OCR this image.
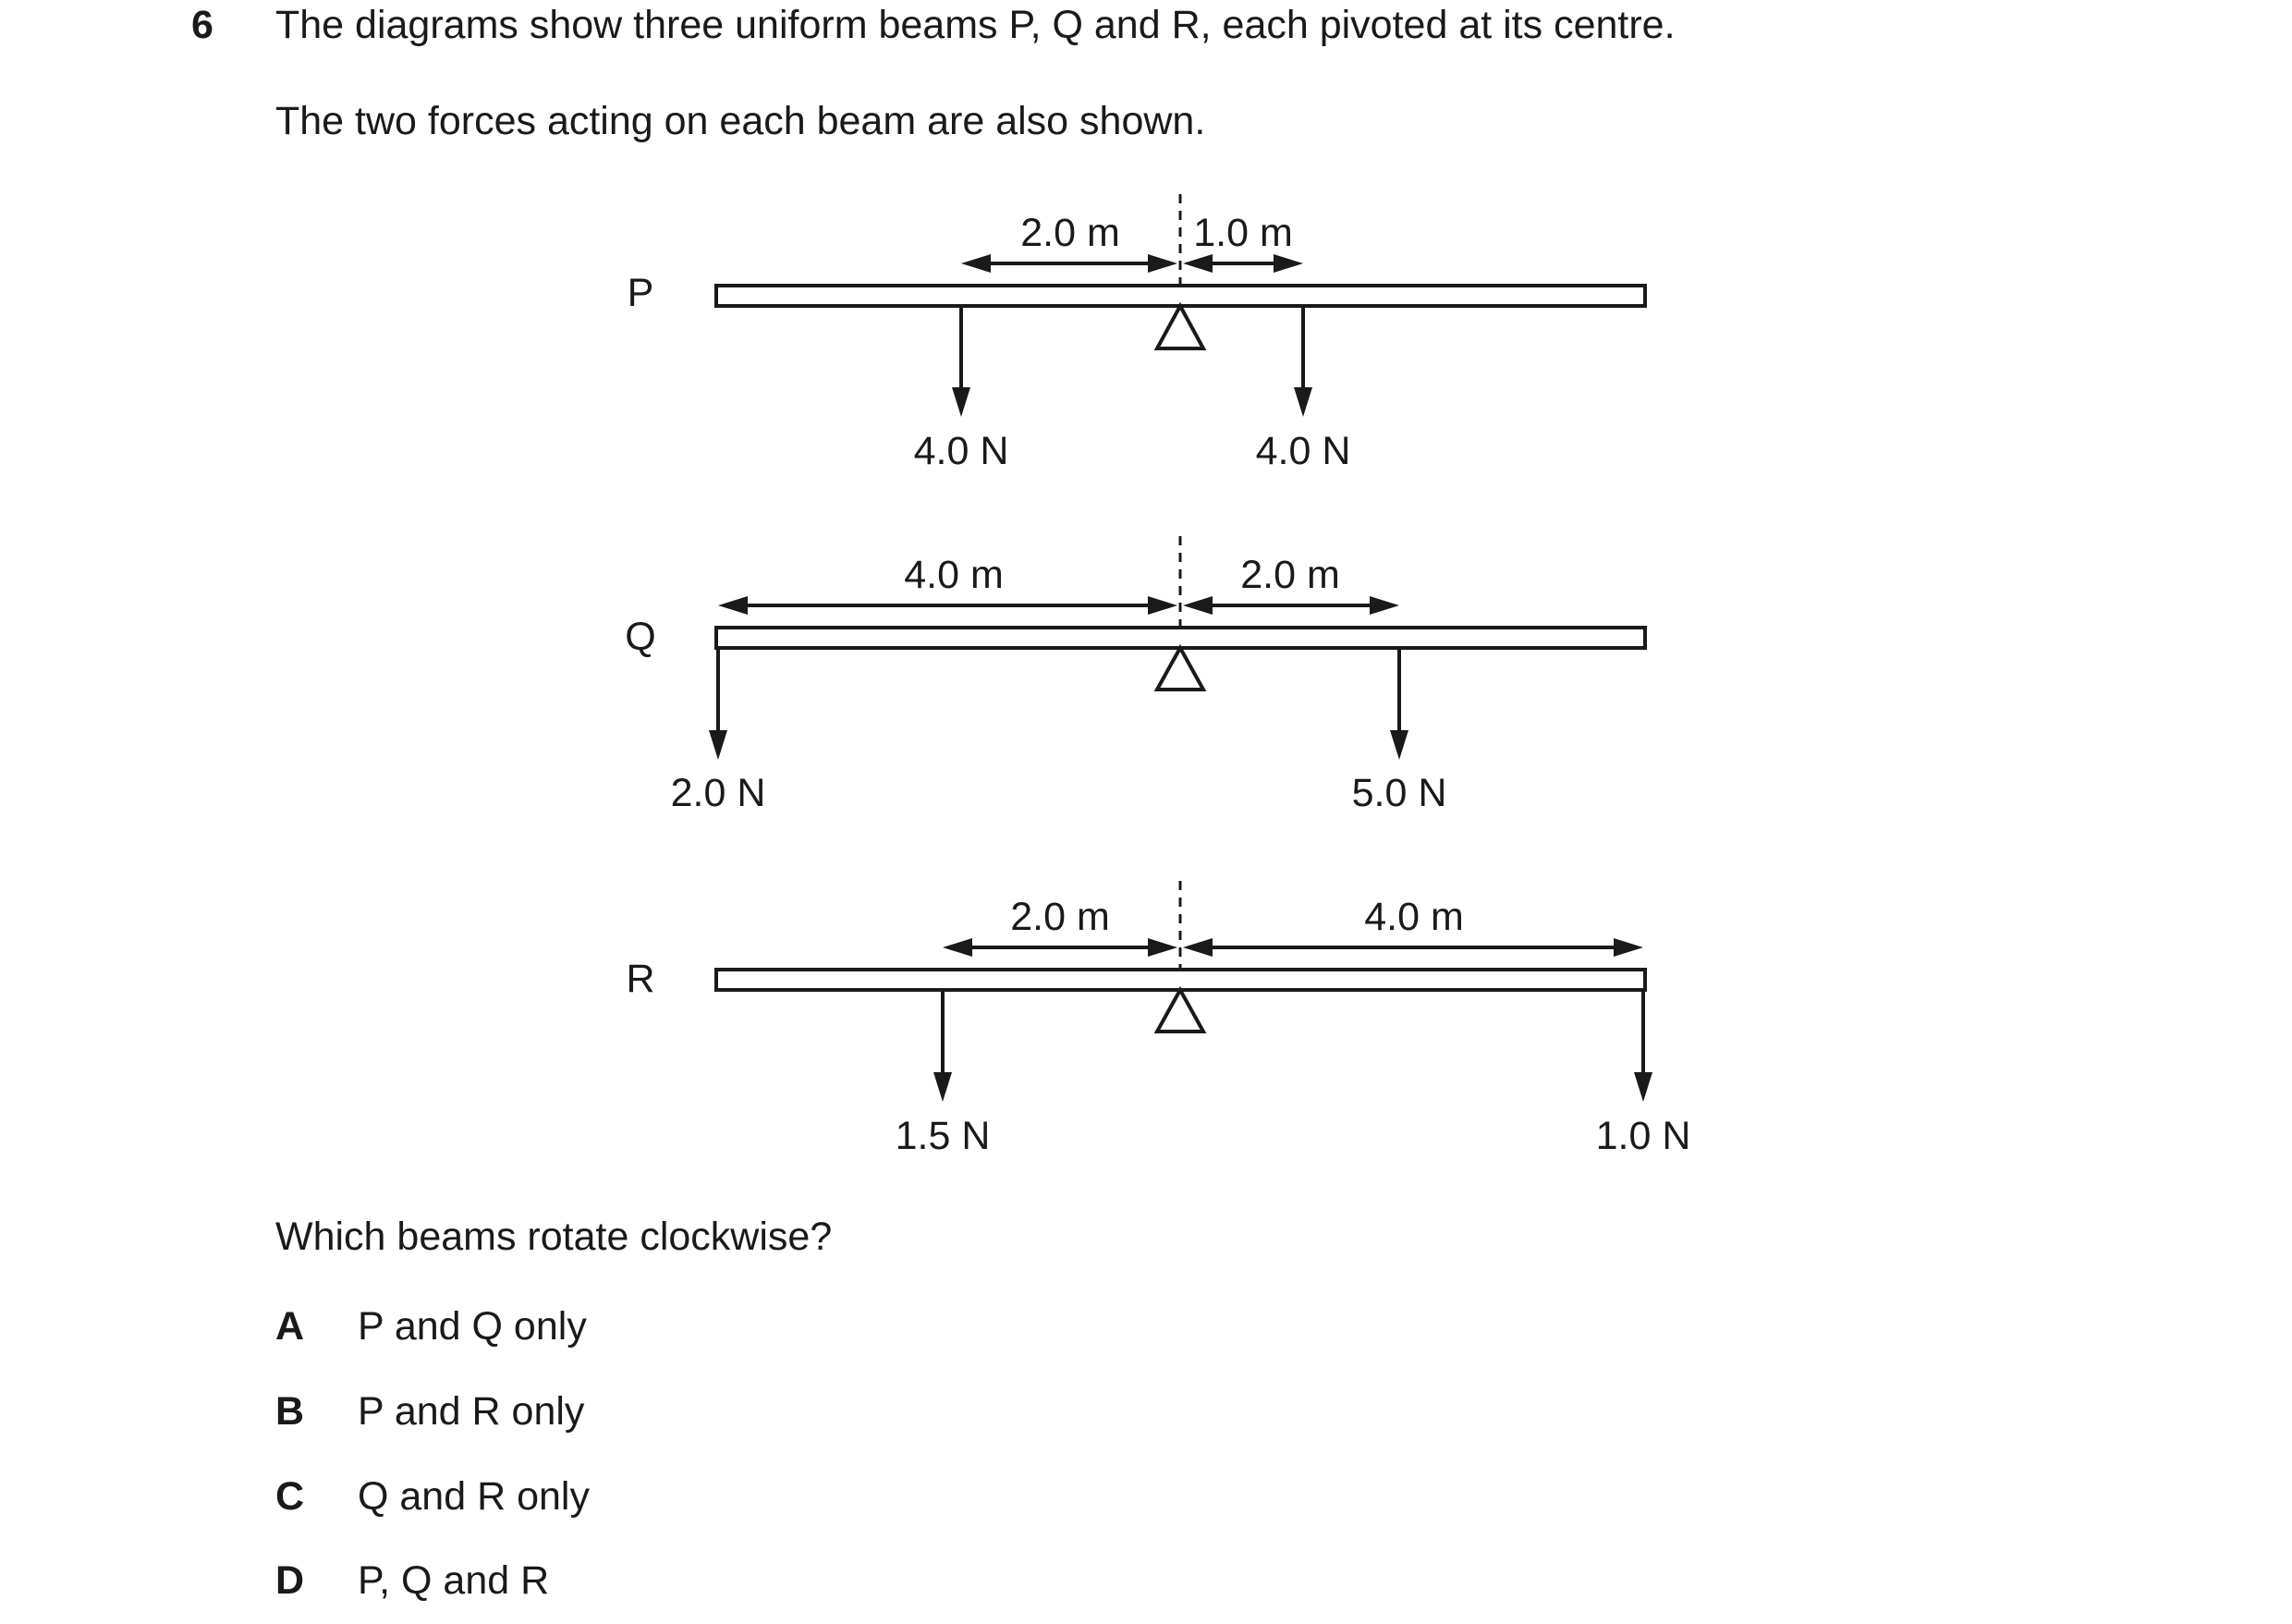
6 The diagrams show three uniform beams P, Q and R, each pivoted at its centre.
The two forces acting on each beam are also shown.
P
2.0 m 1.0 m
4.0 N	4.0 N
Q
4.0 m	2.0 m
2.0 N	5.0 N
R
2.0 m	4.0 m
1.5 N	1.0 N
Which beams rotate clockwise?
A P and Q only
B P and R only
C Q and R only
D P, Q and R
